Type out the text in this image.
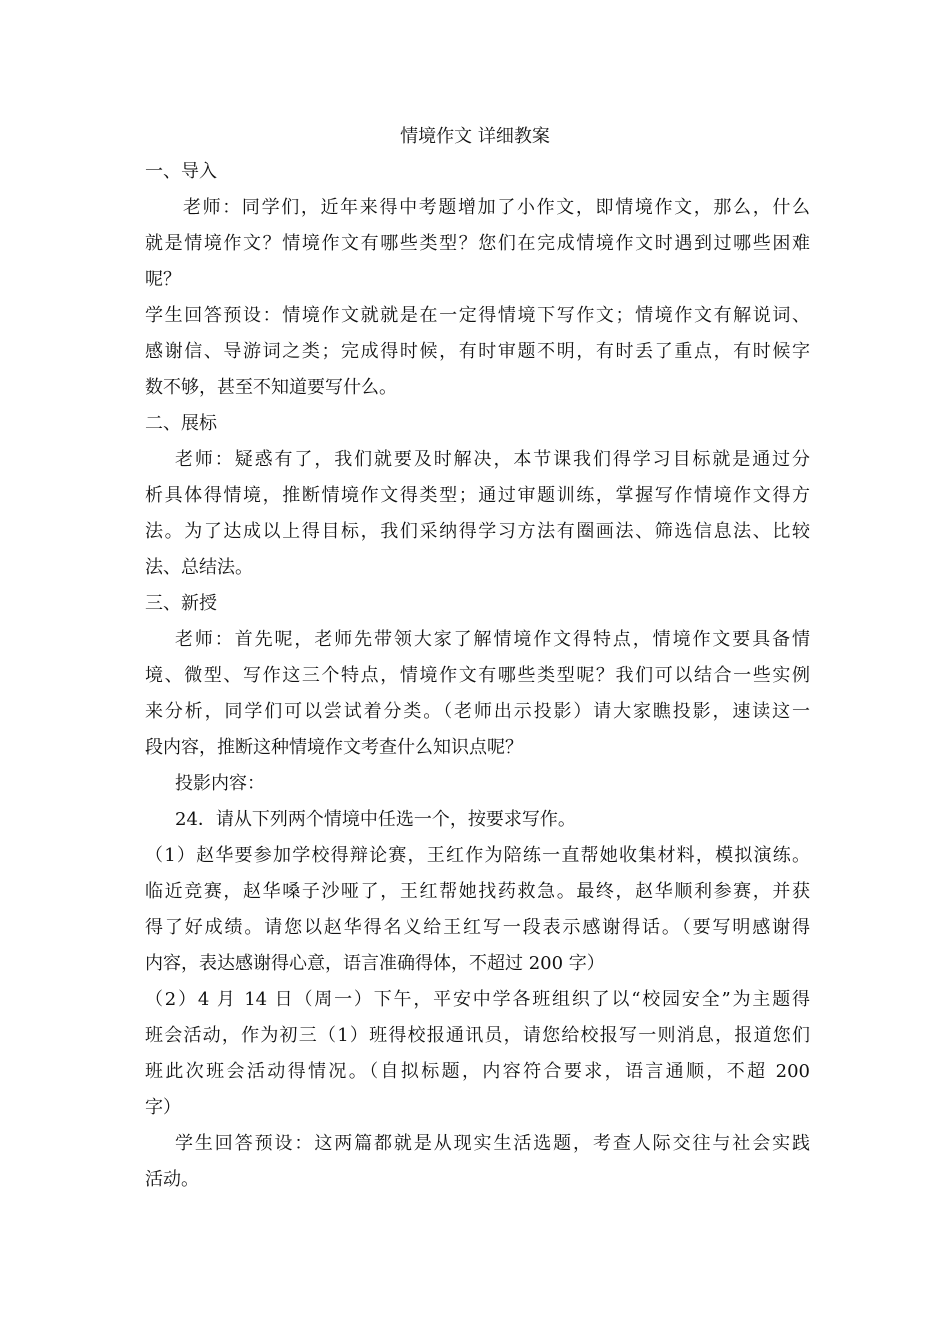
情境作文 详细教案
一、导入
老师：同学们，近年来得中考题增加了小作文，即情境作文，那么，什么
就是情境作文？情境作文有哪些类型？您们在完成情境作文时遇到过哪些困难
呢？
学生回答预设：情境作文就就是在一定得情境下写作文；情境作文有解说词、
感谢信、导游词之类；完成得时候，有时审题不明，有时丢了重点，有时候字
数不够，甚至不知道要写什么。
二、展标
老师：疑惑有了，我们就要及时解决，本节课我们得学习目标就是通过分
析具体得情境，推断情境作文得类型；通过审题训练，掌握写作情境作文得方
法。为了达成以上得目标，我们采纳得学习方法有圈画法、筛选信息法、比较
法、总结法。
三、新授
老师：首先呢，老师先带领大家了解情境作文得特点，情境作文要具备情
境、微型、写作这三个特点，情境作文有哪些类型呢？我们可以结合一些实例
来分析，同学们可以尝试着分类。（老师出示投影）请大家瞧投影，速读这一
段内容，推断这种情境作文考查什么知识点呢？
投影内容：
24．请从下列两个情境中任选一个，按要求写作。
（1）赵华要参加学校得辩论赛，王红作为陪练一直帮她收集材料，模拟演练。
临近竞赛，赵华嗓子沙哑了，王红帮她找药救急。最终，赵华顺利参赛，并获
得了好成绩。请您以赵华得名义给王红写一段表示感谢得话。（要写明感谢得
内容，表达感谢得心意，语言准确得体，不超过 200 字）
（2）4 月 14 日（周一）下午，平安中学各班组织了以“校园安全”为主题得
班会活动，作为初三（1）班得校报通讯员，请您给校报写一则消息，报道您们
班此次班会活动得情况。（自拟标题，内容符合要求，语言通顺，不超 200
字）
学生回答预设：这两篇都就是从现实生活选题，考查人际交往与社会实践
活动。
